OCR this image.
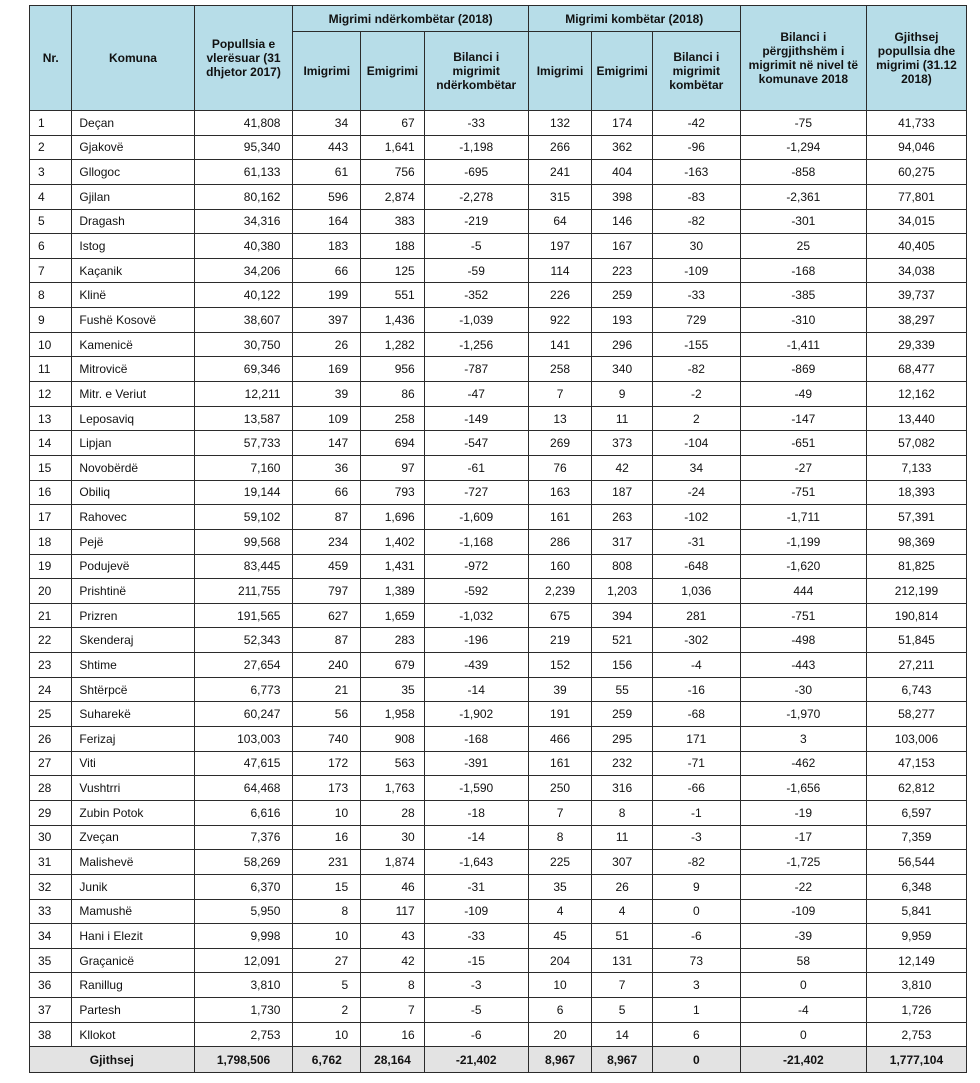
Nr.	Komuna	Popullsia e vlerësuar (31 dhjetor 2017)	Migrimi ndërkombëtar (2018)			Migrimi kombëtar (2018)			Bilanci i përgjithshëm i migrimit në nivel të komunave 2018	Gjithsej popullsia dhe migrimi (31.12 2018)
			Imigrimi	Emigrimi	Bilanci i migrimit ndërkombëtar	Imigrimi	Emigrimi	Bilanci i migrimit kombëtar		
1	Deçan	41,808	34	67	-33	132	174	-42	-75	41,733
2	Gjakovë	95,340	443	1,641	-1,198	266	362	-96	-1,294	94,046
3	Gllogoc	61,133	61	756	-695	241	404	-163	-858	60,275
4	Gjilan	80,162	596	2,874	-2,278	315	398	-83	-2,361	77,801
5	Dragash	34,316	164	383	-219	64	146	-82	-301	34,015
6	Istog	40,380	183	188	-5	197	167	30	25	40,405
7	Kaçanik	34,206	66	125	-59	114	223	-109	-168	34,038
8	Klinë	40,122	199	551	-352	226	259	-33	-385	39,737
9	Fushë Kosovë	38,607	397	1,436	-1,039	922	193	729	-310	38,297
10	Kamenicë	30,750	26	1,282	-1,256	141	296	-155	-1,411	29,339
11	Mitrovicë	69,346	169	956	-787	258	340	-82	-869	68,477
12	Mitr. e Veriut	12,211	39	86	-47	7	9	-2	-49	12,162
13	Leposaviq	13,587	109	258	-149	13	11	2	-147	13,440
14	Lipjan	57,733	147	694	-547	269	373	-104	-651	57,082
15	Novobërdë	7,160	36	97	-61	76	42	34	-27	7,133
16	Obiliq	19,144	66	793	-727	163	187	-24	-751	18,393
17	Rahovec	59,102	87	1,696	-1,609	161	263	-102	-1,711	57,391
18	Pejë	99,568	234	1,402	-1,168	286	317	-31	-1,199	98,369
19	Podujevë	83,445	459	1,431	-972	160	808	-648	-1,620	81,825
20	Prishtinë	211,755	797	1,389	-592	2,239	1,203	1,036	444	212,199
21	Prizren	191,565	627	1,659	-1,032	675	394	281	-751	190,814
22	Skenderaj	52,343	87	283	-196	219	521	-302	-498	51,845
23	Shtime	27,654	240	679	-439	152	156	-4	-443	27,211
24	Shtërpcë	6,773	21	35	-14	39	55	-16	-30	6,743
25	Suharekë	60,247	56	1,958	-1,902	191	259	-68	-1,970	58,277
26	Ferizaj	103,003	740	908	-168	466	295	171	3	103,006
27	Viti	47,615	172	563	-391	161	232	-71	-462	47,153
28	Vushtrri	64,468	173	1,763	-1,590	250	316	-66	-1,656	62,812
29	Zubin Potok	6,616	10	28	-18	7	8	-1	-19	6,597
30	Zveçan	7,376	16	30	-14	8	11	-3	-17	7,359
31	Malishevë	58,269	231	1,874	-1,643	225	307	-82	-1,725	56,544
32	Junik	6,370	15	46	-31	35	26	9	-22	6,348
33	Mamushë	5,950	8	117	-109	4	4	0	-109	5,841
34	Hani i Elezit	9,998	10	43	-33	45	51	-6	-39	9,959
35	Graçanicë	12,091	27	42	-15	204	131	73	58	12,149
36	Ranillug	3,810	5	8	-3	10	7	3	0	3,810
37	Partesh	1,730	2	7	-5	6	5	1	-4	1,726
38	Kllokot	2,753	10	16	-6	20	14	6	0	2,753
Gjithsej		1,798,506	6,762	28,164	-21,402	8,967	8,967	0	-21,402	1,777,104
